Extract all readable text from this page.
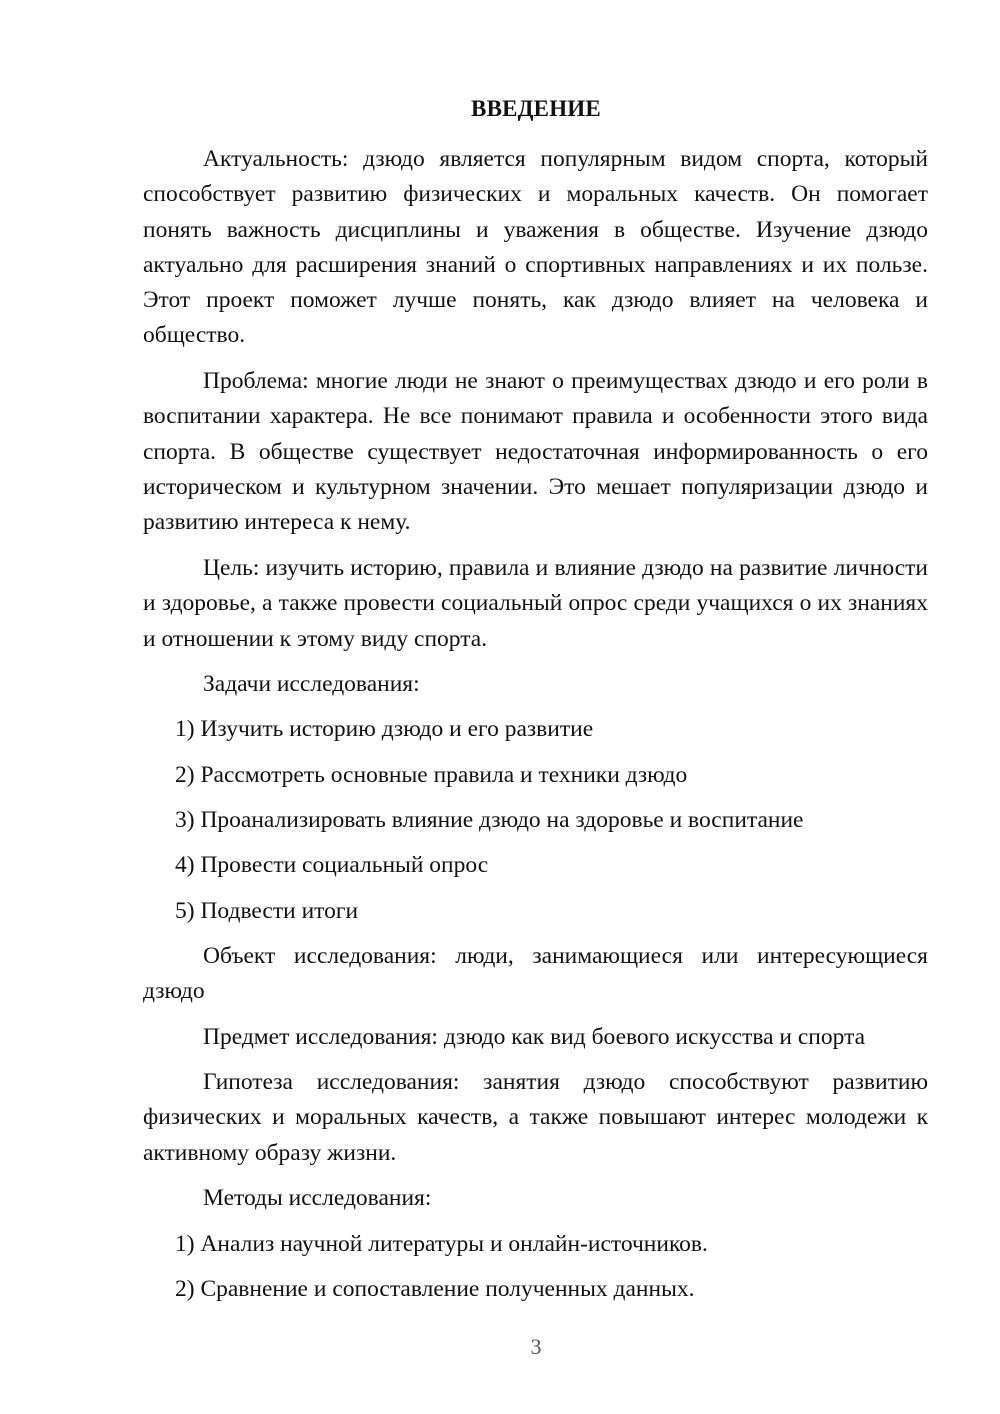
ВВЕДЕНИЕ

Актуальность: дзюдо является популярным видом спорта, который способствует развитию физических и моральных качеств. Он помогает понять важность дисциплины и уважения в обществе. Изучение дзюдо актуально для расширения знаний о спортивных направлениях и их пользе. Этот проект поможет лучше понять, как дзюдо влияет на человека и общество.

Проблема: многие люди не знают о преимуществах дзюдо и его роли в воспитании характера. Не все понимают правила и особенности этого вида спорта. В обществе существует недостаточная информированность о его историческом и культурном значении. Это мешает популяризации дзюдо и развитию интереса к нему.

Цель: изучить историю, правила и влияние дзюдо на развитие личности и здоровье, а также провести социальный опрос среди учащихся о их знаниях и отношении к этому виду спорта.

Задачи исследования:

1) Изучить историю дзюдо и его развитие

2) Рассмотреть основные правила и техники дзюдо

3) Проанализировать влияние дзюдо на здоровье и воспитание

4) Провести социальный опрос

5) Подвести итоги

Объект исследования: люди, занимающиеся или интересующиеся дзюдо

Предмет исследования: дзюдо как вид боевого искусства и спорта

Гипотеза исследования: занятия дзюдо способствуют развитию физических и моральных качеств, а также повышают интерес молодежи к активному образу жизни.

Методы исследования:

1) Анализ научной литературы и онлайн-источников.

2) Сравнение и сопоставление полученных данных.

3
